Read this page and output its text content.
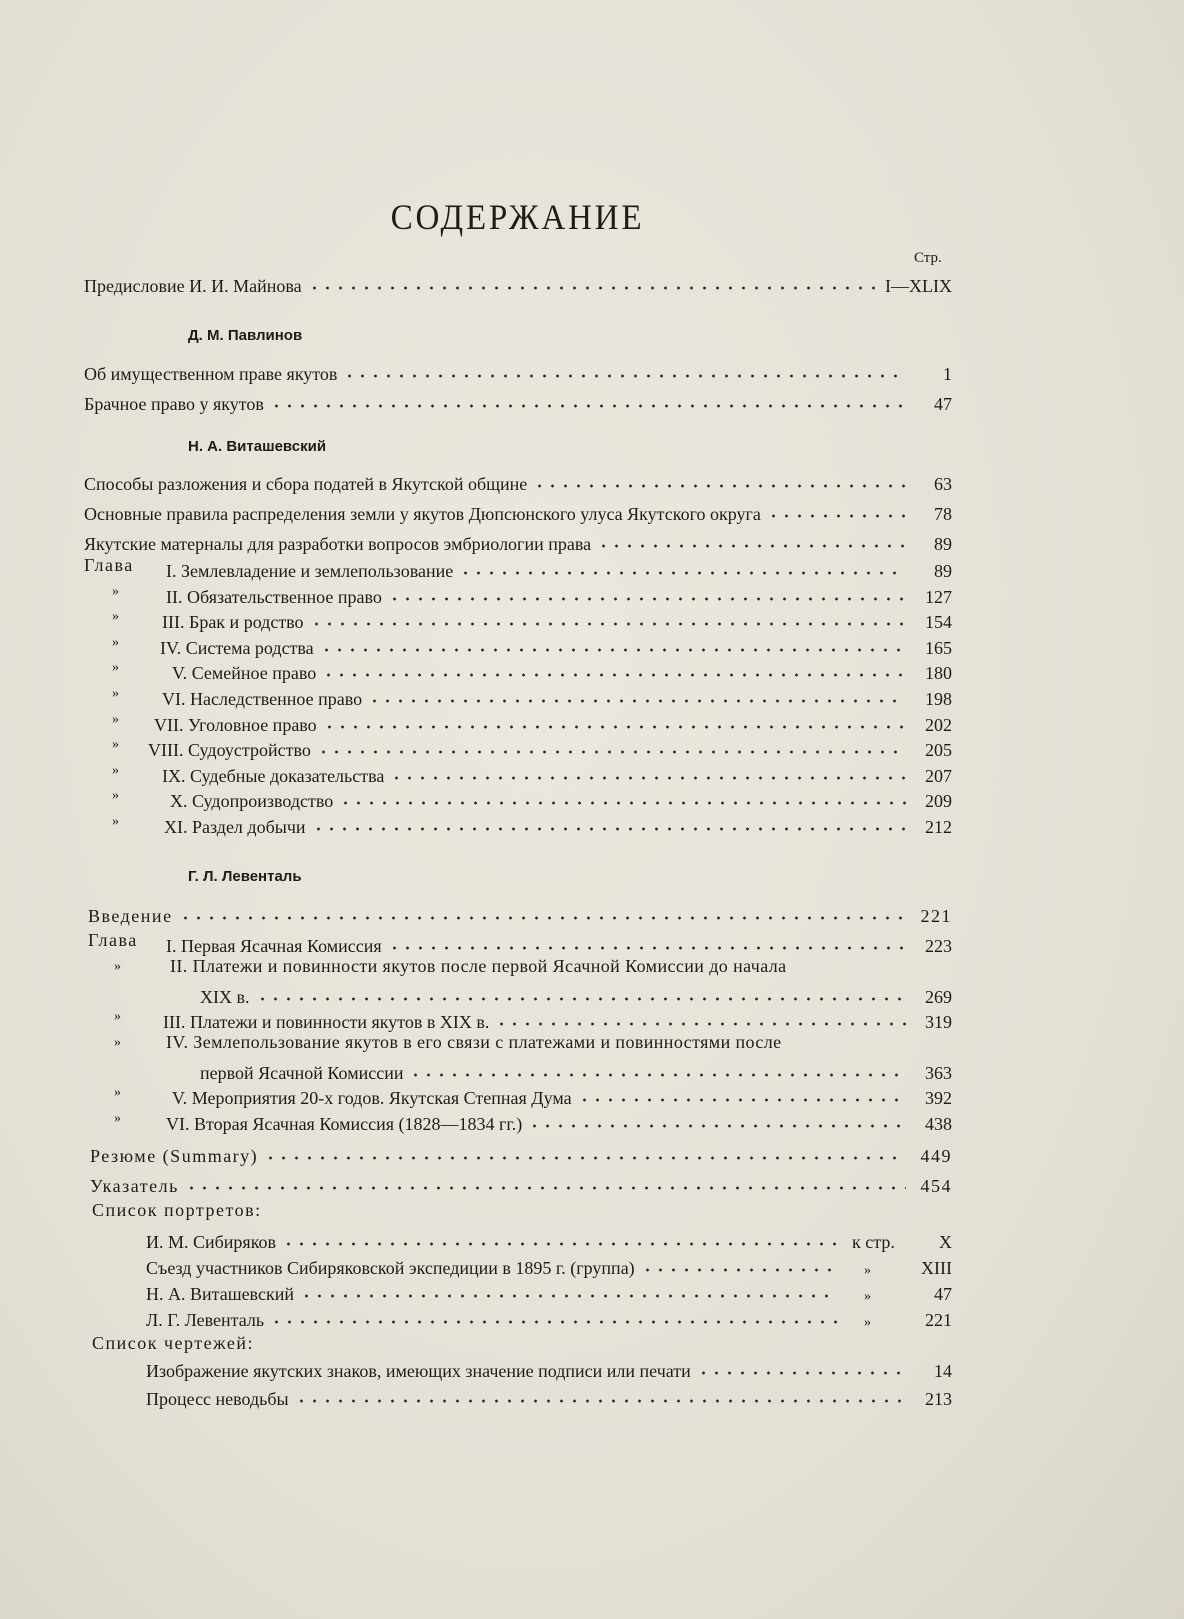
СОДЕРЖАНИЕ
Стр.
Предисловие И. И. Майнова	I—XLIX
Д. М. Павлинов
Об имущественном праве якутов	1
Брачное право у якутов	47
Н. А. Виташевский
Способы разложения и сбора податей в Якутской общине	63
Основные правила распределения земли у якутов Дюпсюнского улуса Якутского округа	78
Якутские матерналы для разработки вопросов эмбриологии права	89
Глава I. Землевладение и землепользование	89
»	II. Обязательственное право	127
» III. Брак и родство	154
» IV. Система родства	165
»	V. Семейное право	180
» VI. Наследственное право	198
» VII. Уголовное право	202
» VIII. Судоустройство	205
» IX. Судебные доказательства	207
»	X. Судопроизводство	209
»	XI. Раздел добычи	212
Г. Л. Левенталь
Введение	221
Глава I. Первая Ясачная Комиссия	223
»	II. Платежи и повинности якутов после первой Ясачной Комиссии до начала
XIX в.	269
» III. Платежи и повинности якутов в XIX в.	319
»	IV. Землепользование якутов в его связи с платежами и повинностями после
первой Ясачной Комиссии	363
»	V. Мероприятия 20-х годов. Якутская Степная Дума	392
»	VI. Вторая Ясачная Комиссия (1828—1834 гг.)	438
Резюме (Summary)	449
Указатель	454
Список портретов:
И. М. Сибиряков	к стр.	X
Съезд участников Сибиряковской экспедиции в 1895 г. (группа)	»	XIII
Н. А. Виташевский	»	47
Л. Г. Левенталь	»	221
Список чертежей:
Изображение якутских знаков, имеющих значение подписи или печати	14
Процесс неводьбы	213
